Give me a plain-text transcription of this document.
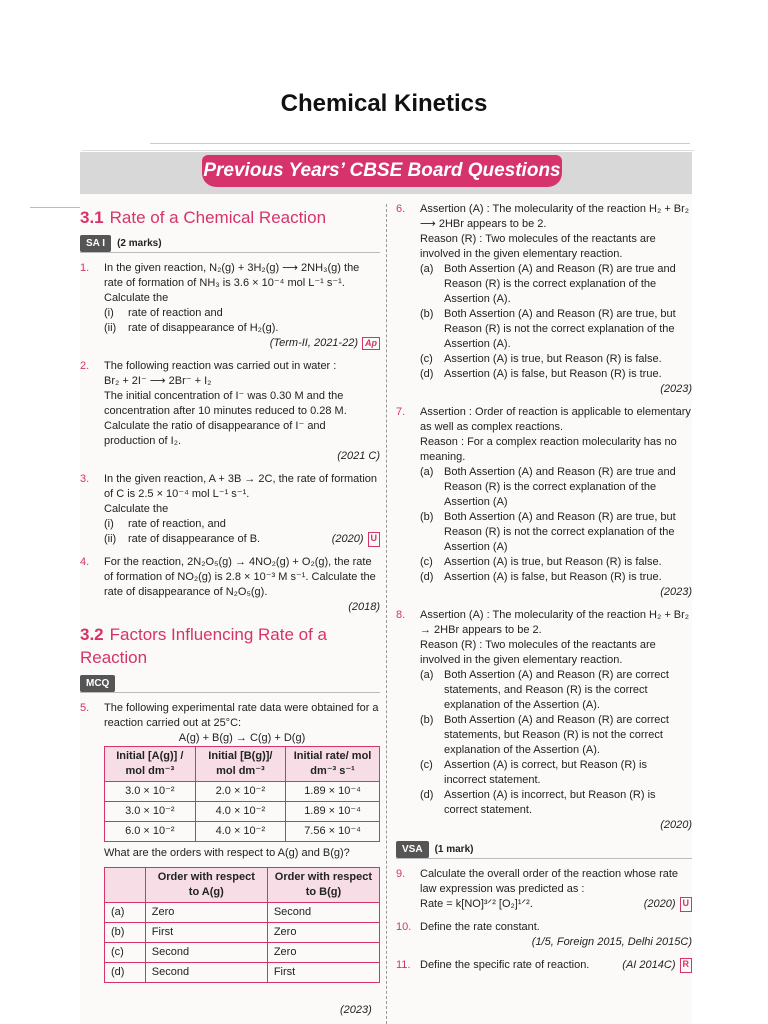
Chemical Kinetics
Previous Years’ CBSE Board Questions
3.1 Rate of a Chemical Reaction
SA I	(2 marks)
1.	In the given reaction, N₂(g) + 3H₂(g) ⟶ 2NH₃(g) the rate of formation of NH₃ is 3.6 × 10⁻⁴ mol L⁻¹ s⁻¹.

Calculate the

(i)	rate of reaction and
(ii)	rate of disappearance of H₂(g).
(Term-II, 2021-22) Ap
2.	The following reaction was carried out in water :

Br₂ + 2I⁻ ⟶ 2Br⁻ + I₂

The initial concentration of I⁻ was 0.30 M and the concentration after 10 minutes reduced to 0.28 M. Calculate the ratio of disappearance of I⁻ and production of I₂.

(2021 C)
3.	In the given reaction, A + 3B → 2C, the rate of formation of C is 2.5 × 10⁻⁴ mol L⁻¹ s⁻¹.

Calculate the

(i)	rate of reaction, and
(ii)	rate of disappearance of B.	(2020) U
4.	For the reaction, 2N₂O₅(g) → 4NO₂(g) + O₂(g), the rate of formation of NO₂(g) is 2.8 × 10⁻³ M s⁻¹. Calculate the rate of disappearance of N₂O₅(g).

(2018)
3.2 Factors Influencing Rate of a Reaction
MCQ
5.	The following experimental rate data were obtained for a reaction carried out at 25°C:

A(g) + B(g) → C(g) + D(g)

Initial [A(g)] / mol dm⁻³	Initial [B(g)]/ mol dm⁻³	Initial rate/ mol dm⁻³ s⁻¹
3.0 × 10⁻²	2.0 × 10⁻²	1.89 × 10⁻⁴
3.0 × 10⁻²	4.0 × 10⁻²	1.89 × 10⁻⁴
6.0 × 10⁻²	4.0 × 10⁻²	7.56 × 10⁻⁴

What are the orders with respect to A(g) and B(g)?

	Order with respect to A(g)	Order with respect to B(g)
(a)	Zero	Second
(b)	First	Zero
(c)	Second	Zero
(d)	Second	First
(2023)
6.	Assertion (A) : The molecularity of the reaction H₂ + Br₂ ⟶ 2HBr appears to be 2.

Reason (R) : Two molecules of the reactants are involved in the given elementary reaction.

(a) Both Assertion (A) and Reason (R) are true and Reason (R) is the correct explanation of the Assertion (A).
(b) Both Assertion (A) and Reason (R) are true, but Reason (R) is not the correct explanation of the Assertion (A).
(c)	Assertion (A) is true, but Reason (R) is false.
(d) Assertion (A) is false, but Reason (R) is true.
(2023)
7.	Assertion : Order of reaction is applicable to elementary as well as complex reactions.

Reason : For a complex reaction molecularity has no meaning.

(a) Both Assertion (A) and Reason (R) are true and Reason (R) is the correct explanation of the Assertion (A)
(b) Both Assertion (A) and Reason (R) are true, but Reason (R) is not the correct explanation of the Assertion (A)
(c)	Assertion (A) is true, but Reason (R) is false.
(d) Assertion (A) is false, but Reason (R) is true.
(2023)
8.	Assertion (A) : The molecularity of the reaction H₂ + Br₂ → 2HBr appears to be 2.

Reason (R) : Two molecules of the reactants are involved in the given elementary reaction.

(a) Both Assertion (A) and Reason (R) are correct statements, and Reason (R) is the correct explanation of the Assertion (A).
(b) Both Assertion (A) and Reason (R) are correct statements, but Reason (R) is not the correct explanation of the Assertion (A).
(c)	Assertion (A) is correct, but Reason (R) is incorrect statement.
(d) Assertion (A) is incorrect, but Reason (R) is correct statement.
(2020)
VSA	(1 mark)
9.	Calculate the overall order of the reaction whose rate law expression was predicted as :

Rate = k[NO]³ᐟ² [O₂]¹ᐟ².	(2020) U
10. Define the rate constant.

(1/5, Foreign 2015, Delhi 2015C)
11. Define the specific rate of reaction.	(AI 2014C) R
